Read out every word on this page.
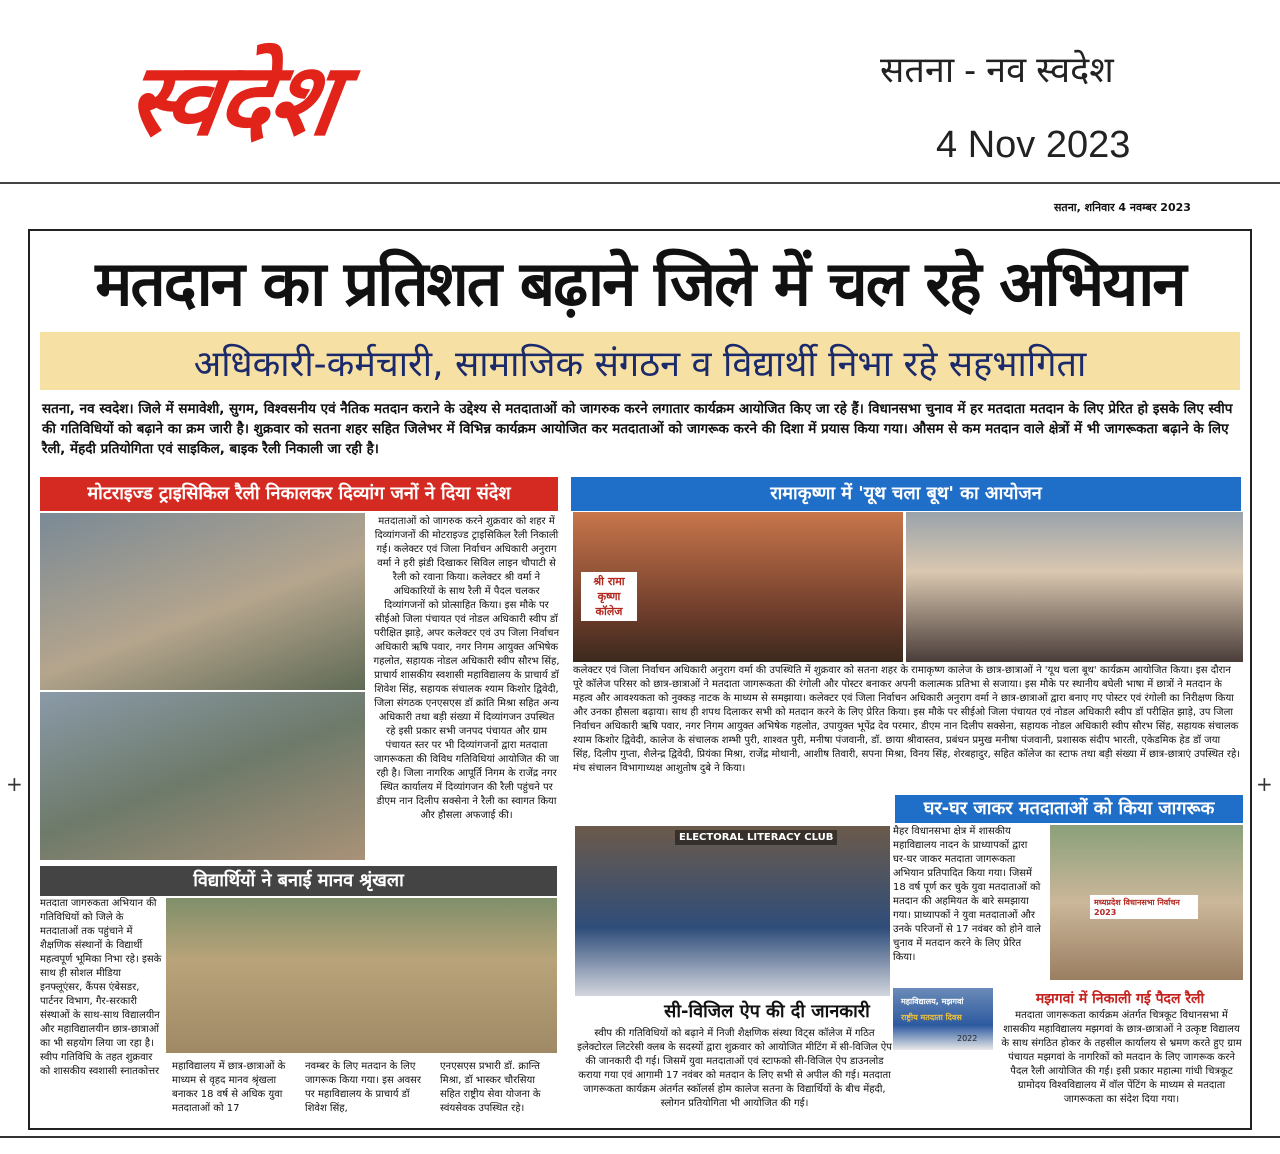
स्वदेश	सतना - नव स्वदेश
4 Nov 2023
सतना, शनिवार 4 नवम्बर 2023
मतदान का प्रतिशत बढ़ाने जिले में चल रहे अभियान
अधिकारी-कर्मचारी, सामाजिक संगठन व विद्यार्थी निभा रहे सहभागिता
सतना, नव स्वदेश। जिले में समावेशी, सुगम, विश्वसनीय एवं नैतिक मतदान कराने के उद्देश्य से मतदाताओं को जागरुक करने लगातार कार्यक्रम आयोजित किए जा रहे हैं। विधानसभा चुनाव में हर मतदाता मतदान के लिए प्रेरित हो इसके लिए स्वीप की गतिविधियों को बढ़ाने का क्रम जारी है। शुक्रवार को सतना शहर सहित जिलेभर में विभिन्न कार्यक्रम आयोजित कर मतदाताओं को जागरूक करने की दिशा में प्रयास किया गया। औसम से कम मतदान वाले क्षेत्रों में भी जागरूकता बढ़ाने के लिए रैली, मेंहदी प्रतियोगिता एवं साइकिल, बाइक रैली निकाली जा रही है।
मोटराइज्ड ट्राइसिकिल रैली निकालकर दिव्यांग जनों ने दिया संदेश
मतदाताओं को जागरुक करने शुक्रवार को शहर में दिव्यांगजनों की मोटराइज्ड ट्राइसिकिल रैली निकाली गई। कलेक्टर एवं जिला निर्वाचन अधिकारी अनुराग वर्मा ने हरी झंडी दिखाकर सिविल लाइन चौपाटी से रैली को रवाना किया। कलेक्टर श्री वर्मा ने अधिकारियों के साथ रैली में पैदल चलकर दिव्यांगजनों को प्रोत्साहित किया। इस मौके पर सीईओ जिला पंचायत एवं नोडल अधिकारी स्वीप डॉ परीक्षित झाड़े, अपर कलेक्टर एवं उप जिला निर्वाचन अधिकारी ऋषि पवार, नगर निगम आयुक्त अभिषेक गहलोत, सहायक नोडल अधिकारी स्वीप सौरभ सिंह, प्राचार्य शासकीय स्वशासी महाविद्यालय के प्राचार्य डॉ शिवेश सिंह, सहायक संचालक श्याम किशोर द्विवेदी, जिला संगठक एनएसएस डॉ क्रांति मिश्रा सहित अन्य अधिकारी तथा बड़ी संख्या में दिव्यांगजन उपस्थित रहे इसी प्रकार सभी जनपद पंचायत और ग्राम पंचायत स्तर पर भी दिव्यांगजनों द्वारा मतदाता जागरूकता की विविध गतिविधियां आयोजित की जा रही है। जिला नागरिक आपूर्ति निगम के राजेंद्र नगर स्थित कार्यालय में दिव्यांगजन की रैली पहुंचने पर डीएम नान दिलीप सक्सेना ने रैली का स्वागत किया और हौसला अफजाई की।
रामाकृष्णा में 'यूथ चला बूथ' का आयोजन
श्री रामा कृष्णा कॉलेज
कलेक्टर एवं जिला निर्वाचन अधिकारी अनुराग वर्मा की उपस्थिति में शुक्रवार को सतना शहर के रामाकृष्ण कालेज के छात्र-छात्राओं ने 'यूथ चला बूथ' कार्यक्रम आयोजित किया। इस दौरान पूरे कॉलेज परिसर को छात्र-छात्राओं ने मतदाता जागरूकता की रंगोली और पोस्टर बनाकर अपनी कलात्मक प्रतिभा से सजाया। इस मौके पर स्थानीय बघेली भाषा में छात्रों ने मतदान के महत्व और आवश्यकता को नुक्कड़ नाटक के माध्यम से समझाया। कलेक्टर एवं जिला निर्वाचन अधिकारी अनुराग वर्मा ने छात्र-छात्राओं द्वारा बनाए गए पोस्टर एवं रंगोली का निरीक्षण किया और उनका हौसला बढ़ाया। साथ ही शपथ दिलाकर सभी को मतदान करने के लिए प्रेरित किया। इस मौके पर सीईओ जिला पंचायत एवं नोडल अधिकारी स्वीप डॉ परीक्षित झाड़े, उप जिला निर्वाचन अधिकारी ऋषि पवार, नगर निगम आयुक्त अभिषेक गहलोत, उपायुक्त भूपेंद्र देव परमार, डीएम नान दिलीप सक्सेना, सहायक नोडल अधिकारी स्वीप सौरभ सिंह, सहायक संचालक श्याम किशोर द्विवेदी, कालेज के संचालक शम्भी पुरी, शाश्वत पुरी, मनीषा पंजवानी, डॉ. छाया श्रीवास्तव, प्रबंधन प्रमुख मनीषा पंजवानी, प्रशासक संदीप भारती, एकेडमिक हेड डॉ जया सिंह, दिलीप गुप्ता, शैलेन्द्र द्विवेदी, प्रियंका मिश्रा, राजेंद्र मोथानी, आशीष तिवारी, सपना मिश्रा, विनय सिंह, शेरबहादुर, सहित कॉलेज का स्टाफ तथा बड़ी संख्या में छात्र-छात्राएं उपस्थित रहे। मंच संचालन विभागाध्यक्ष आशुतोष दुबे ने किया।
घर-घर जाकर मतदाताओं को किया जागरूक
मैहर विधानसभा क्षेत्र में शासकीय महाविद्यालय नादन के प्राध्यापकों द्वारा घर-घर जाकर मतदाता जागरूकता अभियान प्रतिपादित किया गया। जिसमें 18 वर्ष पूर्ण कर चुके युवा मतदाताओं को मतदान की अहमियत के बारे समझाया गया। प्राध्यापकों ने युवा मतदाताओं और उनके परिजनों से 17 नवंबर को होने वाले चुनाव में मतदान करने के लिए प्रेरित किया।
मध्यप्रदेश विधानसभा निर्वाचन 2023
ELECTORAL LITERACY CLUB
सी-विजिल ऐप की दी जानकारी
स्वीप की गतिविधियों को बढ़ाने में निजी शैक्षणिक संस्था विट्स कॉलेज में गठित इलेक्टोरल लिटरेसी क्लब के सदस्यों द्वारा शुक्रवार को आयोजित मीटिंग में सी-विजिल ऐप की जानकारी दी गई। जिसमें युवा मतदाताओं एवं स्टाफको सी-विजिल ऐप डाउनलोड कराया गया एवं आगामी 17 नवंबर को मतदान के लिए सभी से अपील की गई। मतदाता जागरूकता कार्यक्रम अंतर्गत स्कॉलर्स होम कालेज सतना के विद्यार्थियों के बीच मेंहदी, स्लोगन प्रतियोगिता भी आयोजित की गई।
महाविद्यालय, मझगवां
राष्ट्रीय मतदाता दिवस
2022
मझगवां में निकाली गई पैदल रैली
मतदाता जागरूकता कार्यक्रम अंतर्गत चित्रकूट विधानसभा में शासकीय महाविद्यालय मझगवां के छात्र-छात्राओं ने उत्कृष्ट विद्यालय के साथ संगठित होकर के तहसील कार्यालय से भ्रमण करते हुए ग्राम पंचायत मझगवां के नागरिकों को मतदान के लिए जागरूक करने पैदल रैली आयोजित की गई। इसी प्रकार महात्मा गांधी चित्रकूट ग्रामोदय विश्वविद्यालय में वॉल पेंटिंग के माध्यम से मतदाता जागरूकता का संदेश दिया गया।
विद्यार्थियों ने बनाई मानव श्रृंखला
मतदाता जागरुकता अभियान की गतिविधियों को जिले के मतदाताओं तक पहुंचाने में शैक्षणिक संस्थानों के विद्यार्थी महत्वपूर्ण भूमिका निभा रहे। इसके साथ ही सोशल मीडिया इनफ्लूएंसर, कैंपस एंबेसडर, पार्टनर विभाग, गैर-सरकारी संस्थाओं के साथ-साथ विद्यालयीन और महाविद्यालयीन छात्र-छात्राओं का भी सहयोग लिया जा रहा है। स्वीप गतिविधि के तहत शुक्रवार को शासकीय स्वशासी स्नातकोत्तर महाविद्यालय में छात्र-छात्राओं के माध्यम से वृहद मानव श्रृंखला बनाकर 18 वर्ष से अधिक युवा मतदाताओं को 17
नवम्बर के लिए मतदान के लिए जागरूक किया गया। इस अवसर पर महाविद्यालय के प्राचार्य डॉ शिवेश सिंह,
एनएसएस प्रभारी डॉ. क्रान्ति मिश्रा, डॉ भास्कर चौरसिया सहित राष्ट्रीय सेवा योजना के स्वंयसेवक उपस्थित रहे।
+	+
